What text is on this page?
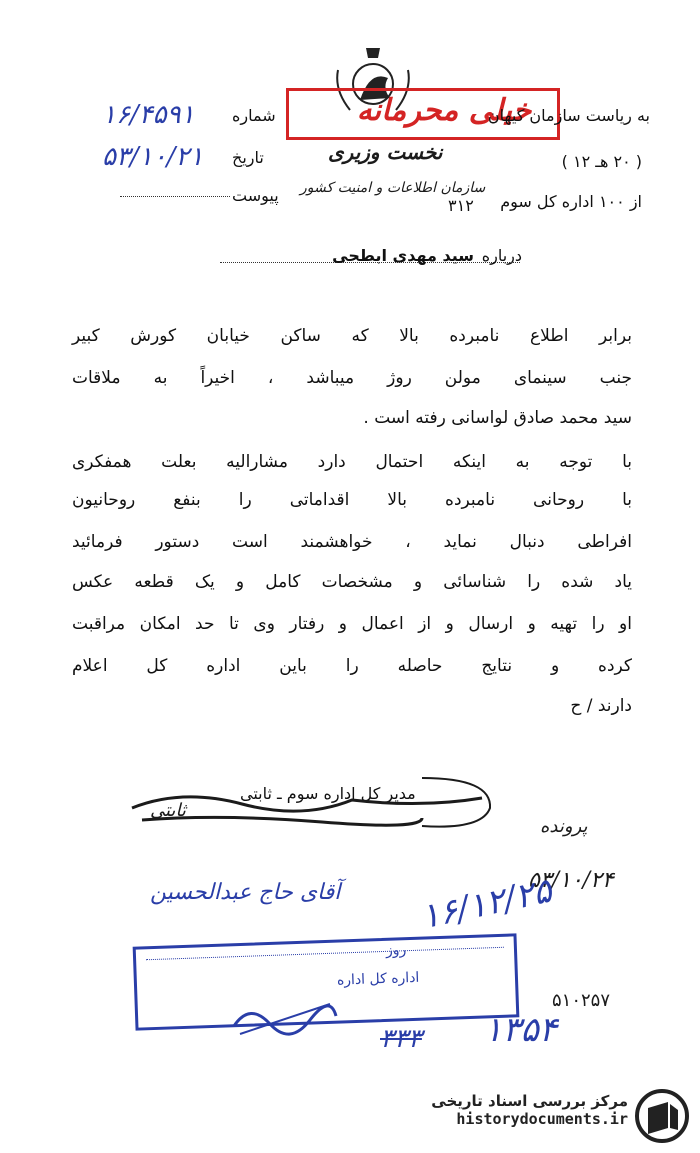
خیلی محرمانه
به ریاست سازمان کیهان
شماره
۱۶/۴۵۹۱
تاریخ
۵۳/۱۰/۲۱
پیوست
( ۲۰ هـ ۱۲ )
از ۱۰۰ اداره کل سوم
۳۱۲
نخست وزیری
سازمان اطلاعات و امنیت کشور
درباره
سید مهدی ابطحی
برابر اطلاع نامبرده بالا که ساکن خیابان کورش کبیر
جنب سینمای مولن روژ میباشد ، اخیراً به ملاقات
سید محمد صادق لواسانی رفته است .
با توجه به اینکه احتمال دارد مشارالیه بعلت همفکری
با روحانی نامبرده بالا اقداماتی را بنفع روحانیون
افراطی دنبال نماید ، خواهشمند است دستور فرمائید
یاد شده را شناسائی و مشخصات کامل و یک قطعه عکس
او را تهیه و ارسال و از اعمال و رفتار وی تا حد امکان مراقبت
کرده و نتایج حاصله را باین اداره کل اعلام
دارند / ح
مدیر کل اداره سوم ـ ثابتی
ثابتی
پرونده
۵۳/۱۰/۲۴
آقای حاج عبدالحسین ۱۶/۱۲/۲۵
روز
اداره کل اداره
۵۱۰۲۵۷
۱۳۵۴
۳۳۳
مرکز بررسی اسناد تاریخی
historydocuments.ir
